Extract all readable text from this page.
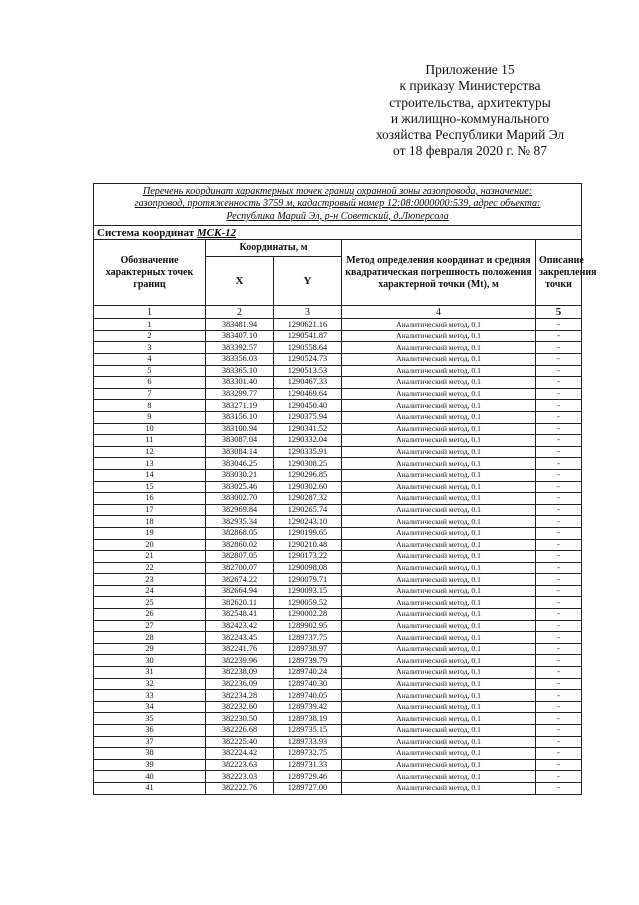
Приложение 15
к приказу Министерства
строительства, архитектуры
и жилищно-коммунального
хозяйства Республики Марий Эл
от 18 февраля 2020 г. № 87
Перечень координат характерных точек границ охранной зоны газопровода, назначение:
газопровод, протяженность 3759 м, кадастровый номер 12:08:0000000:539, адрес объекта:
Республика Марий Эл, р-н Советский, д.Люперсола				

Система координат МСК-12				
Обозначение характерных точек границ	Координаты, м		Метод определения координат и средняя квадратическая погрешность положения характерной точки (Mt), м	Описание закрепления точки
	X	Y		
1	2	3	4	5
1	383481.94	1290621.16	Аналитический метод, 0.1	-
2	383407.10	1290541.87	Аналитический метод, 0.1	-
3	383392.57	1290558.64	Аналитический метод, 0.1	-
4	383356.03	1290524.73	Аналитический метод, 0.1	-
5	383365.10	1290513.53	Аналитический метод, 0.1	-
6	383301.40	1290467.33	Аналитический метод, 0.1	-
7	383299.77	1290469.64	Аналитический метод, 0.1	-
8	383271.19	1290450.40	Аналитический метод, 0.1	-
9	383156.10	1290375.94	Аналитический метод, 0.1	-
10	383100.94	1290341.52	Аналитический метод, 0.1	-
11	383087.04	1290332.04	Аналитический метод, 0.1	-
12	383084.14	1290335.91	Аналитический метод, 0.1	-
13	383046.25	1290308.25	Аналитический метод, 0.1	-
14	383030.21	1290296.85	Аналитический метод, 0.1	-
15	383025.46	1290302.60	Аналитический метод, 0.1	-
16	383002.70	1290287.32	Аналитический метод, 0.1	-
17	382969.84	1290265.74	Аналитический метод, 0.1	-
18	382935.34	1290243.10	Аналитический метод, 0.1	-
19	382868.05	1290199.65	Аналитический метод, 0.1	-
20	382860.02	1290210.48	Аналитический метод, 0.1	-
21	382807.05	1290173.22	Аналитический метод, 0.1	-
22	382700.07	1290098.08	Аналитический метод, 0.1	-
23	382674.22	1290079.71	Аналитический метод, 0.1	-
24	382664.94	1290093.15	Аналитический метод, 0.1	-
25	382620.11	1290059.52	Аналитический метод, 0.1	-
26	382548.41	1290002.28	Аналитический метод, 0.1	-
27	382423.42	1289902.95	Аналитический метод, 0.1	-
28	382243.45	1289737.75	Аналитический метод, 0.1	-
29	382241.76	1289738.97	Аналитический метод, 0.1	-
30	382239.96	1289739.79	Аналитический метод, 0.1	-
31	382238.09	1289740.24	Аналитический метод, 0.1	-
32	382236.09	1289740.30	Аналитический метод, 0.1	-
33	382234.28	1289740.05	Аналитический метод, 0.1	-
34	382232.60	1289739.42	Аналитический метод, 0.1	-
35	382230.50	1289738.19	Аналитический метод, 0.1	-
36	382226.68	1289735.15	Аналитический метод, 0.1	-
37	382225.40	1289733.93	Аналитический метод, 0.1	-
38	382224.42	1289732.75	Аналитический метод, 0.1	-
39	382223.63	1289731.33	Аналитический метод, 0.1	-
40	382223.03	1289729.46	Аналитический метод, 0.1	-
41	382222.76	1289727.00	Аналитический метод, 0.1	-
